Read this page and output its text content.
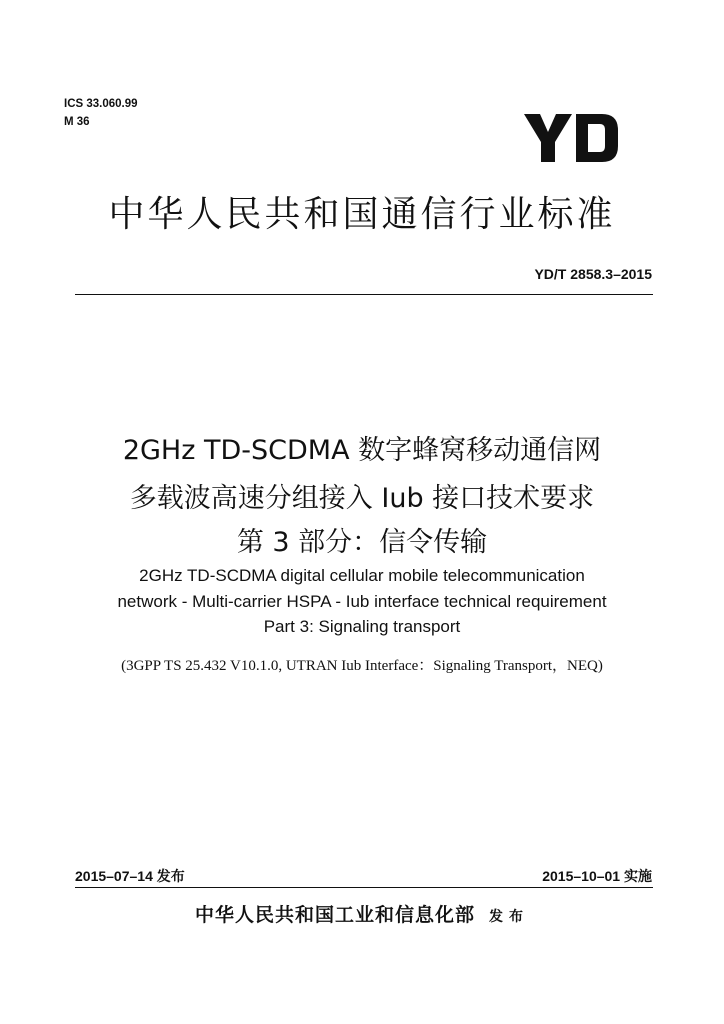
ICS 33.060.99
M 36
中华人民共和国通信行业标准
YD/T 2858.3–2015
2GHz TD-SCDMA 数字蜂窝移动通信网
多载波高速分组接入 Iub 接口技术要求
第 3 部分：信令传输
2GHz TD-SCDMA digital cellular mobile telecommunication
network - Multi-carrier HSPA - Iub interface technical requirement
Part 3: Signaling transport
(3GPP TS 25.432 V10.1.0, UTRAN Iub Interface：Signaling Transport，NEQ)
2015–07–14 发布	2015–10–01 实施
中华人民共和国工业和信息化部 发布
